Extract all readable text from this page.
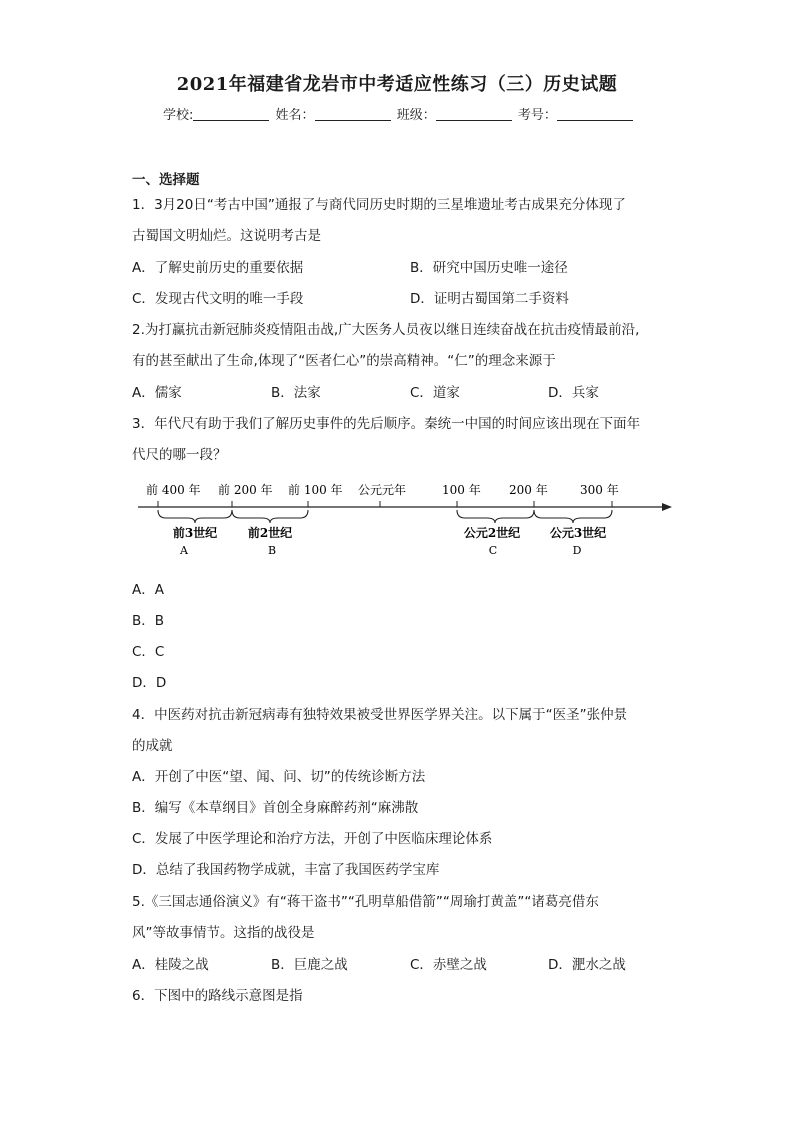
2021年福建省龙岩市中考适应性练习（三）历史试题
学校:	姓名：	班级：	考号：
一、选择题
1．3月20日“考古中国”通报了与商代同历史时期的三星堆遗址考古成果充分体现了
古蜀国文明灿烂。这说明考古是
A．了解史前历史的重要依据	B．研究中国历史唯一途径
C．发现古代文明的唯一手段	D．证明古蜀国第二手资料
2.为打赢抗击新冠肺炎疫情阻击战,广大医务人员夜以继日连续奋战在抗击疫情最前沿,
有的甚至献出了生命,体现了“医者仁心”的崇高精神。“仁”的理念来源于
A．儒家	B．法家	C．道家	D．兵家
3．年代尺有助于我们了解历史事件的先后顺序。秦统一中国的时间应该出现在下面年
代尺的哪一段？
前 400 年 前 200 年 前 100 年 公元元年	100 年 200 年	300 年
前3世纪	前2世纪	公元2世纪 公元3世纪
A	B	C	D
A．A
B．B
C．C
D．D
4．中医药对抗击新冠病毒有独特效果被受世界医学界关注。以下属于“医圣”张仲景
的成就
A．开创了中医“望、闻、问、切”的传统诊断方法
B．编写《本草纲目》首创全身麻醉药剂“麻沸散
C．发展了中医学理论和治疗方法，开创了中医临床理论体系
D．总结了我国药物学成就，丰富了我国医药学宝库
5.《三国志通俗演义》有“蒋干盗书”“孔明草船借箭”“周瑜打黄盖”“诸葛亮借东
风”等故事情节。这指的战役是
A．桂陵之战	B．巨鹿之战	C．赤壁之战	D．淝水之战
6．下图中的路线示意图是指
